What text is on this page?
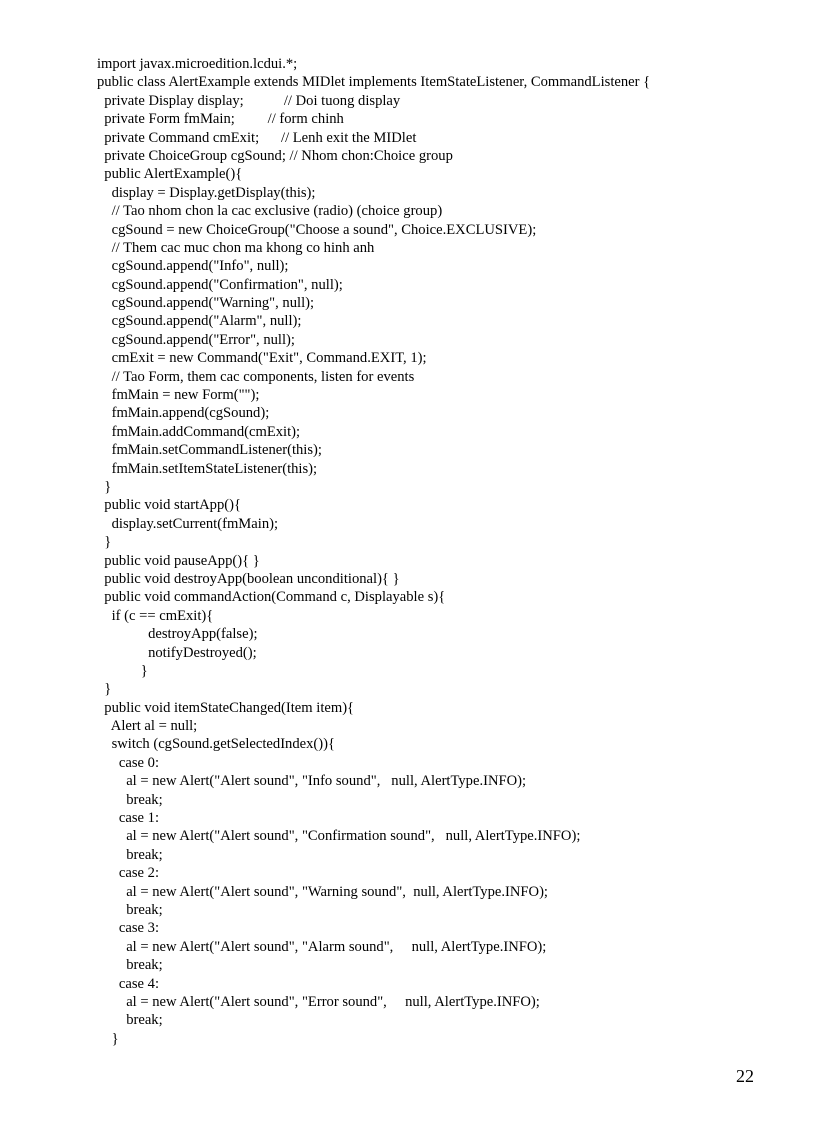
import javax.microedition.lcdui.*;
public class AlertExample extends MIDlet implements ItemStateListener, CommandListener {
private Display display;           // Doi tuong display
private Form fmMain;         // form chinh
private Command cmExit;      // Lenh exit the MIDlet
private ChoiceGroup cgSound; // Nhom chon:Choice group
public AlertExample(){
display = Display.getDisplay(this);
// Tao nhom chon la cac exclusive (radio) (choice group)
cgSound = new ChoiceGroup("Choose a sound", Choice.EXCLUSIVE);
// Them cac muc chon ma khong co hinh anh
cgSound.append("Info", null);
cgSound.append("Confirmation", null);
cgSound.append("Warning", null);
cgSound.append("Alarm", null);
cgSound.append("Error", null);
cmExit = new Command("Exit", Command.EXIT, 1);
// Tao Form, them cac components, listen for events
fmMain = new Form("");
fmMain.append(cgSound);
fmMain.addCommand(cmExit);
fmMain.setCommandListener(this);
fmMain.setItemStateListener(this);
}
public void startApp(){
display.setCurrent(fmMain);
}
public void pauseApp(){ }
public void destroyApp(boolean unconditional){ }
public void commandAction(Command c, Displayable s){
if (c == cmExit){
destroyApp(false);
notifyDestroyed();
}
}
public void itemStateChanged(Item item){
Alert al = null;
switch (cgSound.getSelectedIndex()){
case 0:
al = new Alert("Alert sound", "Info sound",   null, AlertType.INFO);
break;
case 1:
al = new Alert("Alert sound", "Confirmation sound",   null, AlertType.INFO);
break;
case 2:
al = new Alert("Alert sound", "Warning sound",  null, AlertType.INFO);
break;
case 3:
al = new Alert("Alert sound", "Alarm sound",     null, AlertType.INFO);
break;
case 4:
al = new Alert("Alert sound", "Error sound",     null, AlertType.INFO);
break;
}
22
